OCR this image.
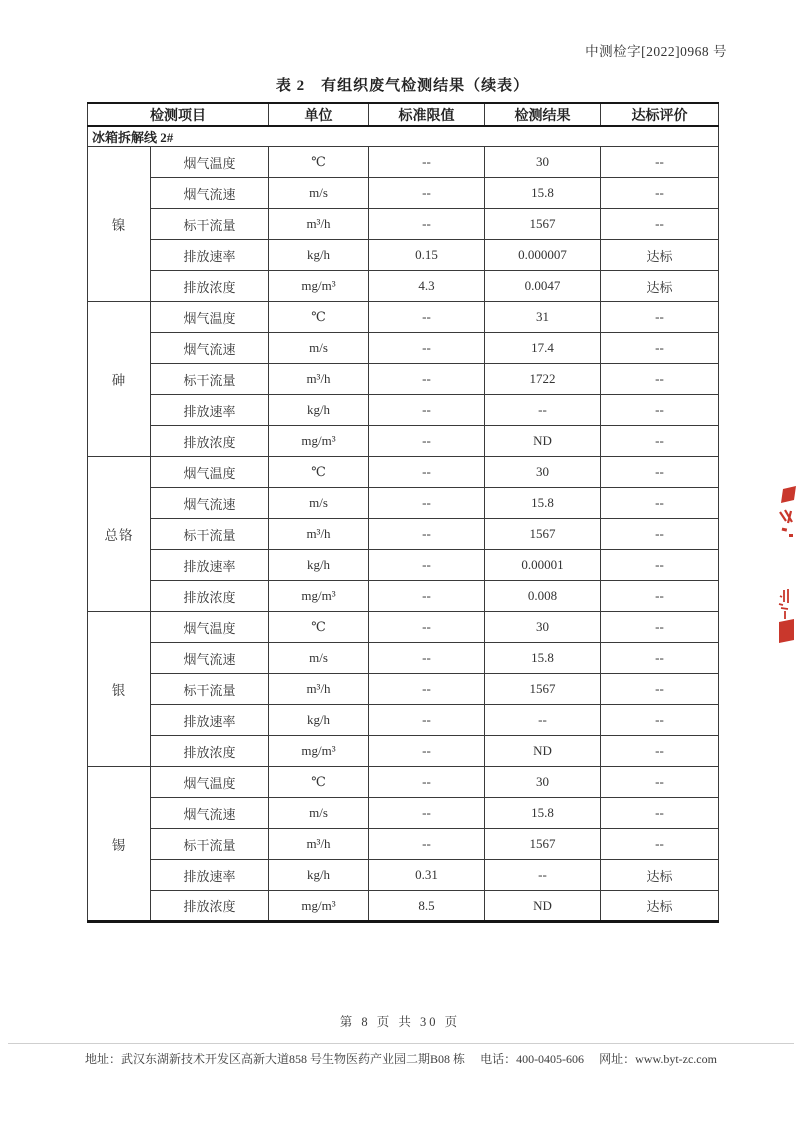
中测检字[2022]0968 号
表 2　有组织废气检测结果（续表）
检测项目		单位	标准限值	检测结果	达标评价
冰箱拆解线 2#					
镍	烟气温度	℃	--	30	--
	烟气流速	m/s	--	15.8	--
	标干流量	m³/h	--	1567	--
	排放速率	kg/h	0.15	0.000007	达标
	排放浓度	mg/m³	4.3	0.0047	达标
砷	烟气温度	℃	--	31	--
	烟气流速	m/s	--	17.4	--
	标干流量	m³/h	--	1722	--
	排放速率	kg/h	--	--	--
	排放浓度	mg/m³	--	ND	--
总铬	烟气温度	℃	--	30	--
	烟气流速	m/s	--	15.8	--
	标干流量	m³/h	--	1567	--
	排放速率	kg/h	--	0.00001	--
	排放浓度	mg/m³	--	0.008	--
银	烟气温度	℃	--	30	--
	烟气流速	m/s	--	15.8	--
	标干流量	m³/h	--	1567	--
	排放速率	kg/h	--	--	--
	排放浓度	mg/m³	--	ND	--
锡	烟气温度	℃	--	30	--
	烟气流速	m/s	--	15.8	--
	标干流量	m³/h	--	1567	--
	排放速率	kg/h	0.31	--	达标
	排放浓度	mg/m³	8.5	ND	达标
第 8 页 共 30 页
地址：武汉东湖新技术开发区高新大道858 号生物医药产业园二期B08 栋 电话：400-0405-606 网址：www.byt-zc.com
